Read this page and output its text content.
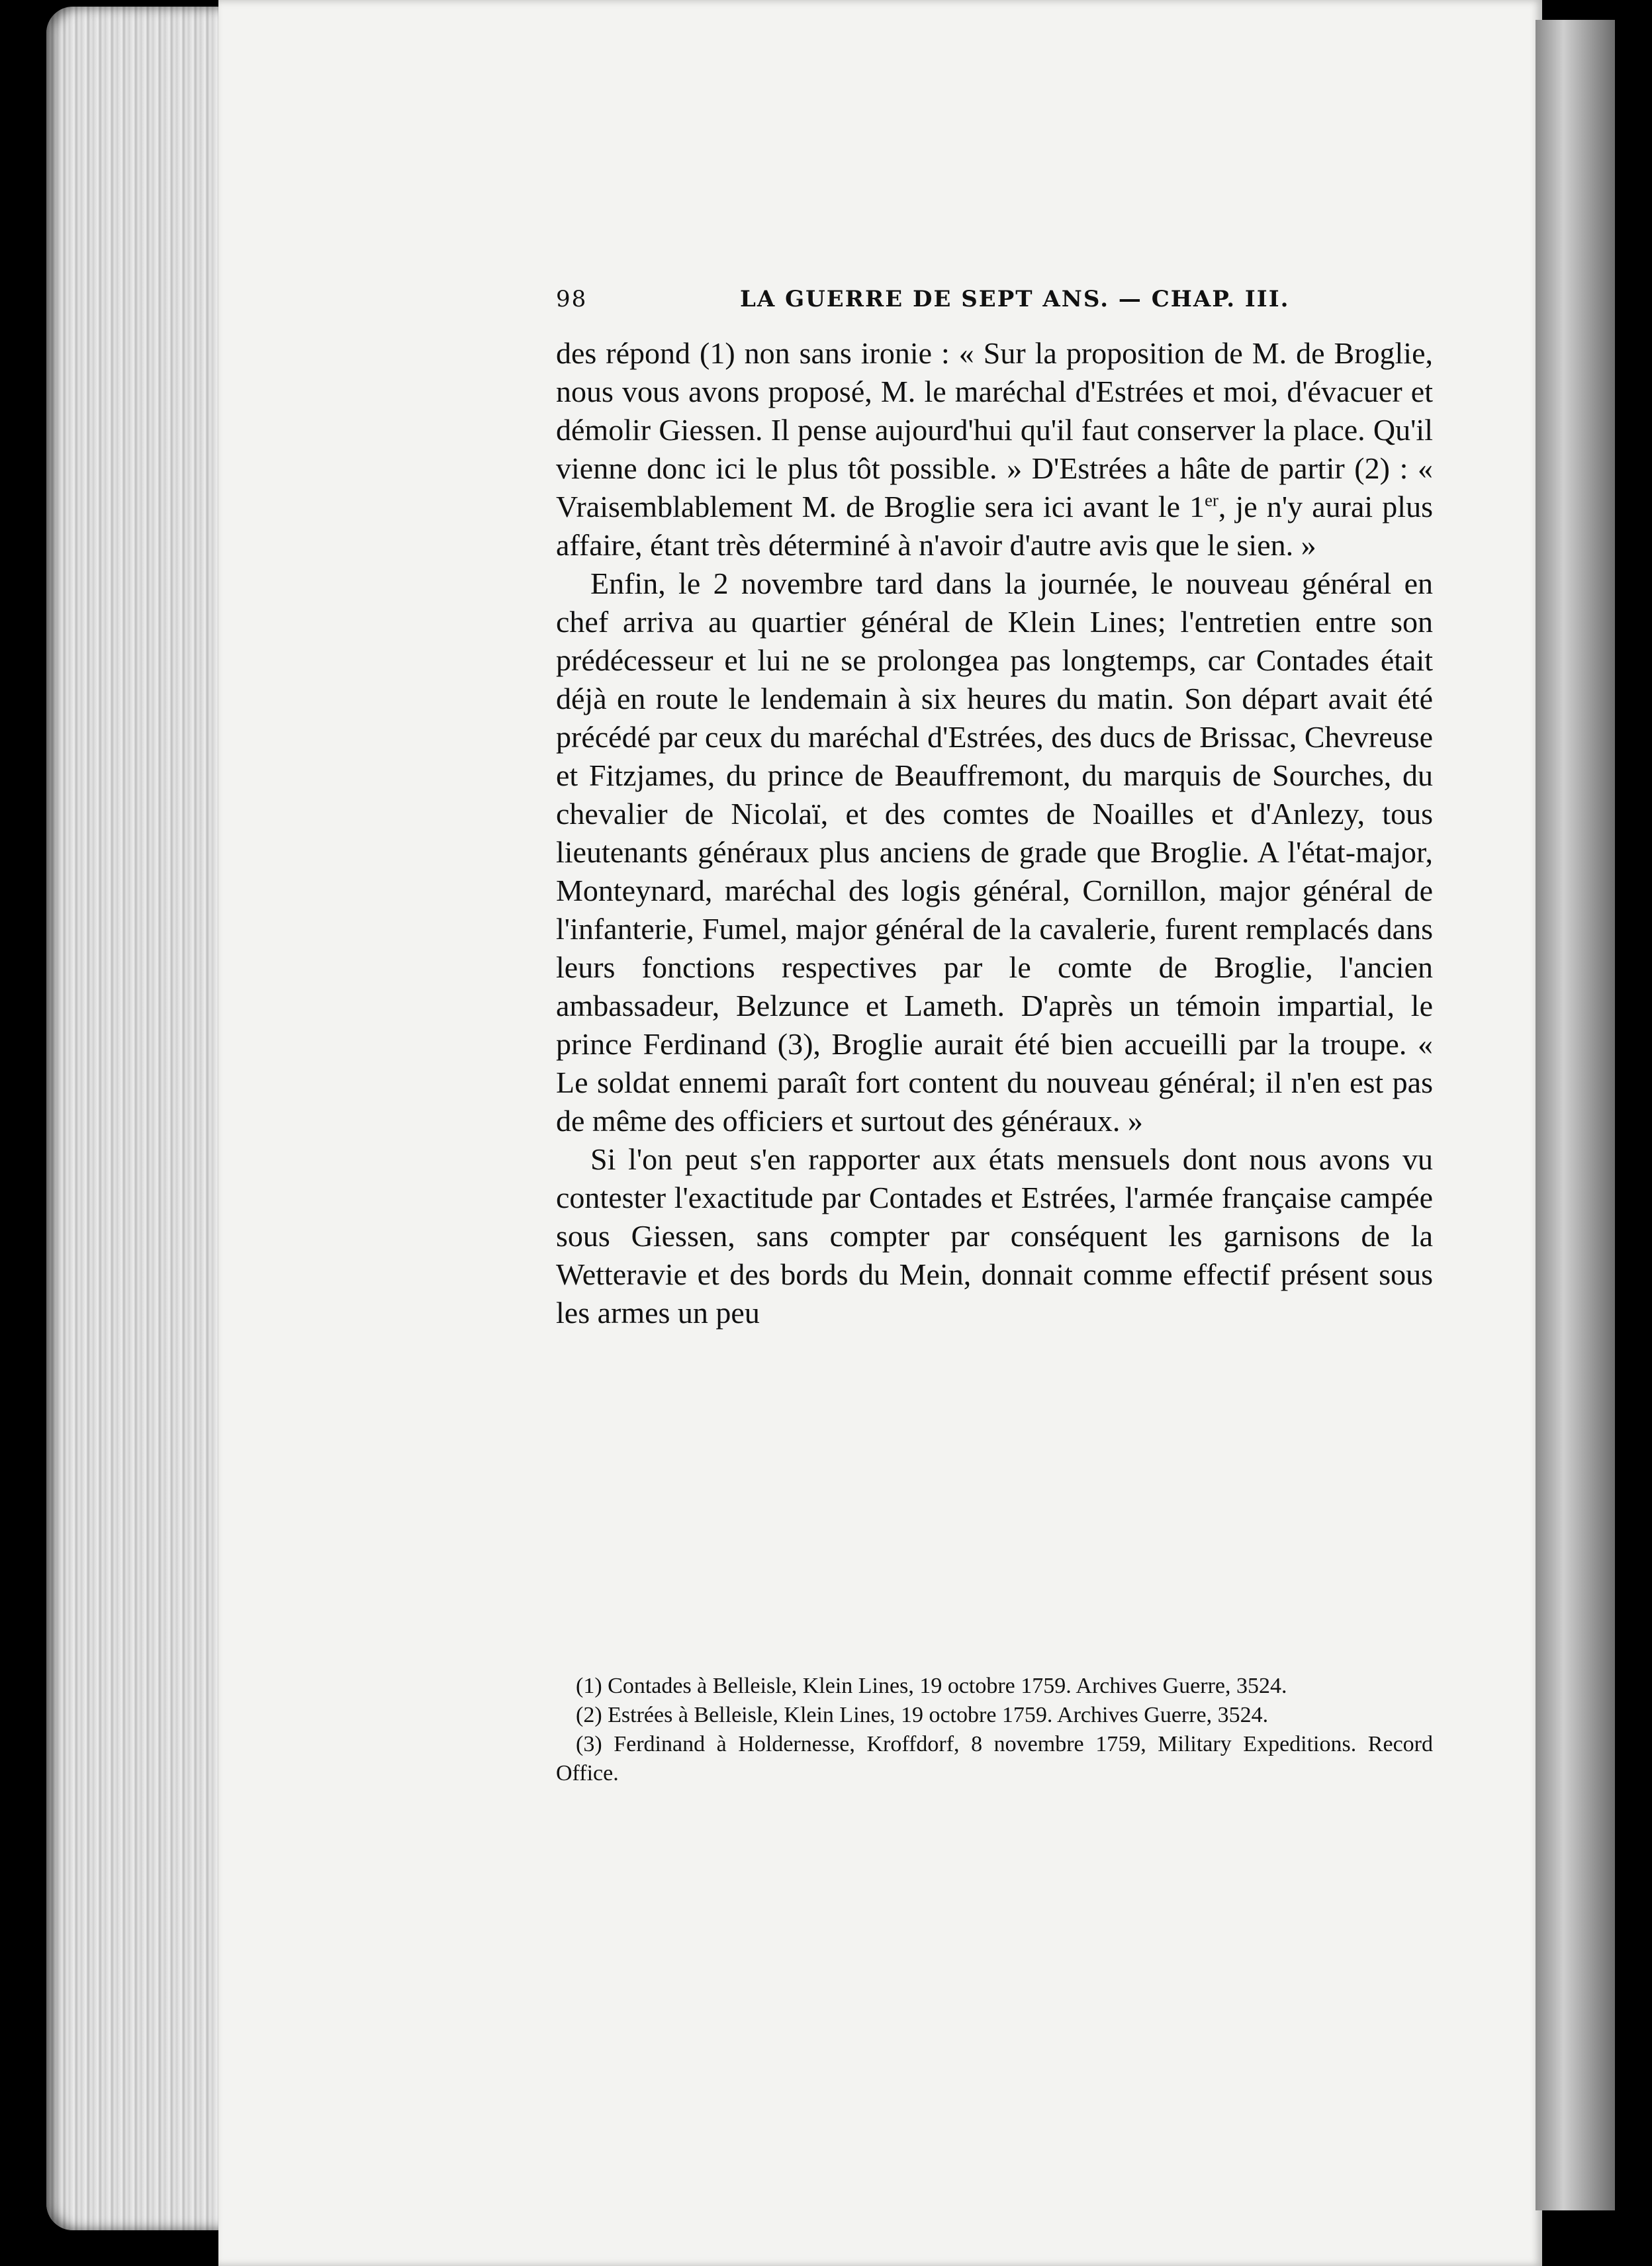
98	LA GUERRE DE SEPT ANS. — CHAP. III.

des répond (1) non sans ironie : « Sur la proposition de M. de Broglie, nous vous avons proposé, M. le maréchal d'Estrées et moi, d'évacuer et démolir Giessen. Il pense aujourd'hui qu'il faut conserver la place. Qu'il vienne donc ici le plus tôt possible. » D'Estrées a hâte de partir (2) : « Vraisemblablement M. de Broglie sera ici avant le 1er, je n'y aurai plus affaire, étant très déterminé à n'avoir d'autre avis que le sien. »

Enfin, le 2 novembre tard dans la journée, le nouveau général en chef arriva au quartier général de Klein Lines; l'entretien entre son prédécesseur et lui ne se prolongea pas longtemps, car Contades était déjà en route le lendemain à six heures du matin. Son départ avait été précédé par ceux du maréchal d'Estrées, des ducs de Brissac, Chevreuse et Fitzjames, du prince de Beauffremont, du marquis de Sourches, du chevalier de Nicolaï, et des comtes de Noailles et d'Anlezy, tous lieutenants généraux plus anciens de grade que Broglie. A l'état-major, Monteynard, maréchal des logis général, Cornillon, major général de l'infanterie, Fumel, major général de la cavalerie, furent remplacés dans leurs fonctions respectives par le comte de Broglie, l'ancien ambassadeur, Belzunce et Lameth. D'après un témoin impartial, le prince Ferdinand (3), Broglie aurait été bien accueilli par la troupe. « Le soldat ennemi paraît fort content du nouveau général; il n'en est pas de même des officiers et surtout des généraux. »

Si l'on peut s'en rapporter aux états mensuels dont nous avons vu contester l'exactitude par Contades et Estrées, l'armée française campée sous Giessen, sans compter par conséquent les garnisons de la Wetteravie et des bords du Mein, donnait comme effectif présent sous les armes un peu

(1) Contades à Belleisle, Klein Lines, 19 octobre 1759. Archives Guerre, 3524.

(2) Estrées à Belleisle, Klein Lines, 19 octobre 1759. Archives Guerre, 3524.

(3) Ferdinand à Holdernesse, Kroffdorf, 8 novembre 1759, Military Expeditions. Record Office.
